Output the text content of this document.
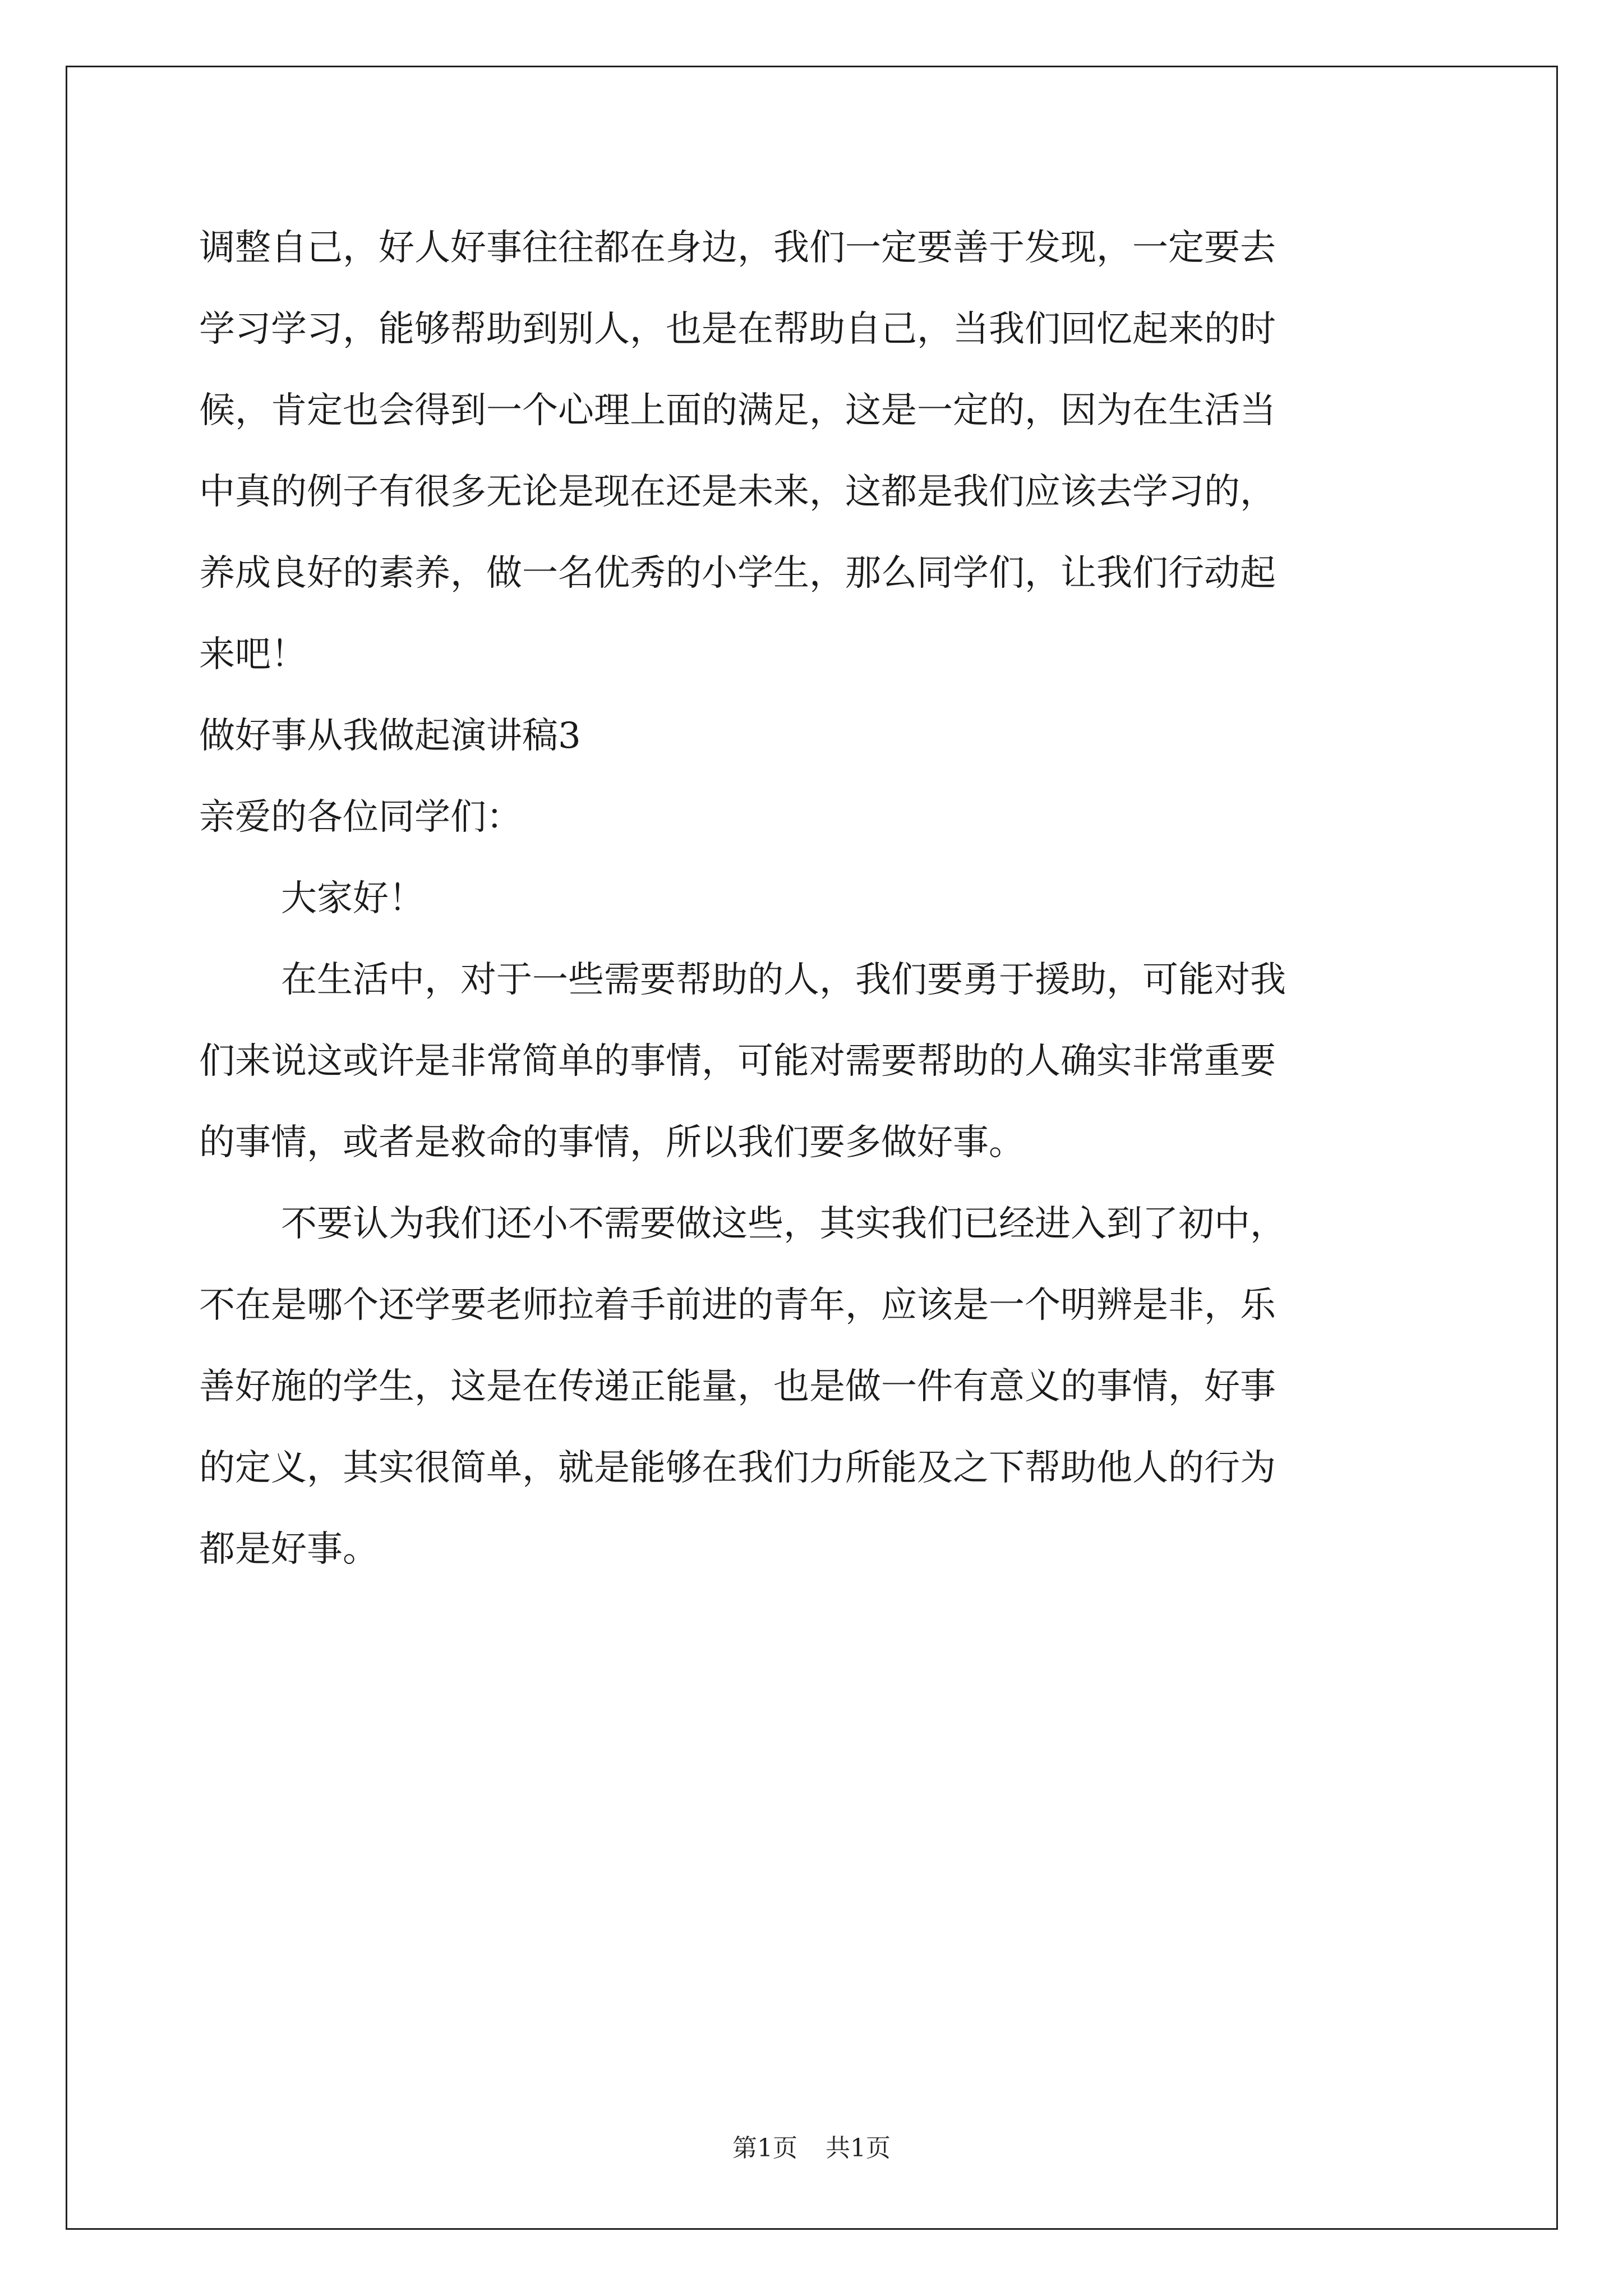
调整自己，好人好事往往都在身边，我们一定要善于发现，一定要去
学习学习，能够帮助到别人，也是在帮助自己，当我们回忆起来的时
候，肯定也会得到一个心理上面的满足，这是一定的，因为在生活当
中真的例子有很多无论是现在还是未来，这都是我们应该去学习的，
养成良好的素养，做一名优秀的小学生，那么同学们，让我们行动起
来吧！
做好事从我做起演讲稿3
亲爱的各位同学们：
大家好！
在生活中，对于一些需要帮助的人，我们要勇于援助，可能对我
们来说这或许是非常简单的事情，可能对需要帮助的人确实非常重要
的事情，或者是救命的事情，所以我们要多做好事。
不要认为我们还小不需要做这些，其实我们已经进入到了初中，
不在是哪个还学要老师拉着手前进的青年，应该是一个明辨是非，乐
善好施的学生，这是在传递正能量，也是做一件有意义的事情，好事
的定义，其实很简单，就是能够在我们力所能及之下帮助他人的行为
都是好事。
第1页 共1页
